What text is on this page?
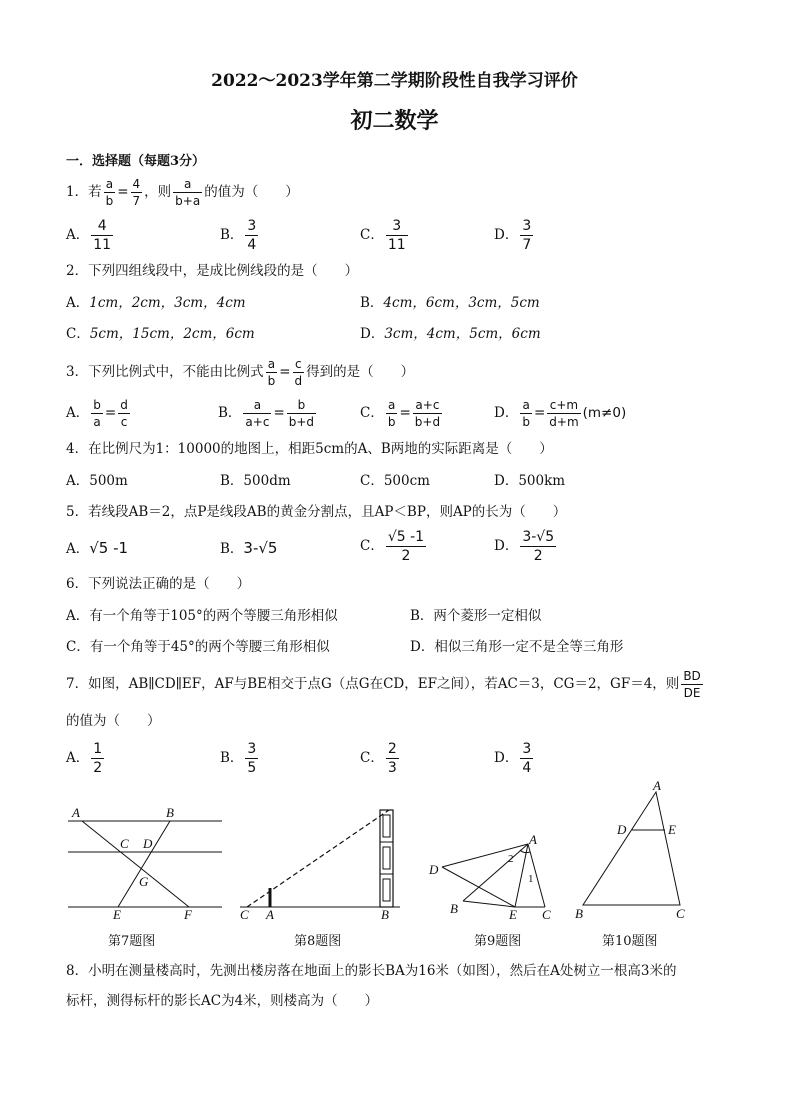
2022～2023学年第二学期阶段性自我学习评价
初二数学
一．选择题（每题3分）
1．若 $\frac{a}{b} = \frac{4}{7}$ ，则 $\frac{a}{b+a}$ 的值为（　　）
A． $\frac{4}{11}$	B． $\frac{3}{4}$	C． $\frac{3}{11}$	D． $\frac{3}{7}$
2．下列四组线段中，是成比例线段的是（　　）
A．1cm，2cm，3cm，4cm	B．4cm，6cm，3cm，5cm
C．5cm，15cm，2cm，6cm	D．3cm，4cm，5cm，6cm
3．下列比例式中，不能由比例式 $\frac{a}{b} = \frac{c}{d}$ 得到的是（　　）
A． $\frac{b}{a} = \frac{d}{c}$	B． $\frac{a}{a+c} = \frac{b}{b+d}$	C． $\frac{a}{b} = \frac{a+c}{b+d}$	D． $\frac{a}{b} = \frac{c+m}{d+m} (m\ne 0)$
4．在比例尺为1：10000的地图上，相距5cm的A、B两地的实际距离是（　　）
A．500m	B．500dm	C．500cm	D．500km
5．若线段AB＝2，点P是线段AB的黄金分割点，且AP＜BP，则AP的长为（　　）
A．√5 -1	B．3-√5	C． $\frac{√5 -1}{2}$	D． $\frac{3-√5}{2}$
6．下列说法正确的是（　　）
A．有一个角等于105°的两个等腰三角形相似	B．两个菱形一定相似
C．有一个角等于45°的两个等腰三角形相似	D．相似三角形一定不是全等三角形
7．如图，AB∥CD∥EF，AF与BE相交于点G（点G在CD，EF之间），若AC＝3，CG＝2，GF＝4，则 $\frac{BD}{DE}$
的值为（　　）
A． $\frac{1}{2}$	B． $\frac{3}{5}$	C． $\frac{2}{3}$	D． $\frac{3}{4}$
A	B
C D
G
E	F	C A	B
A
D
2
1
B	E C
A
D	E
B	C
第7题图	第8题图	第9题图	第10题图
8．小明在测量楼高时，先测出楼房落在地面上的影长BA为16米（如图），然后在A处树立一根高3米的
标杆，测得标杆的影长AC为4米，则楼高为（　　）
